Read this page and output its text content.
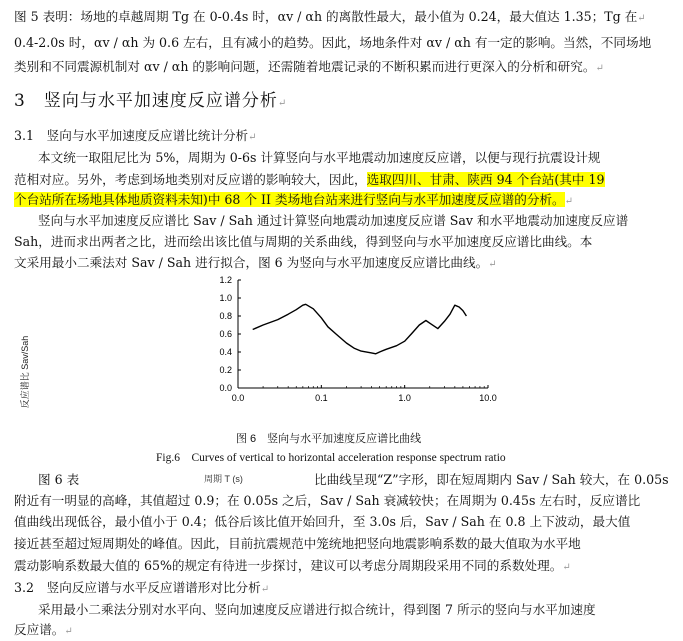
图 5 表明：场地的卓越周期 Tg 在 0-0.4s 时，αv / αh 的离散性最大，最小值为 0.24，最大值达 1.35；Tg 在↵
0.4-2.0s 时，αv / αh 为 0.6 左右，且有减小的趋势。因此，场地条件对 αv / αh 有一定的影响。当然，不同场地
类别和不同震源机制对 αv / αh 的影响问题，还需随着地震记录的不断积累而进行更深入的分析和研究。↵
3　 竖向与水平加速度反应谱分析↵
3.1　 竖向与水平加速度反应谱比统计分析↵
本文统一取阻尼比为 5%，周期为 0-6s 计算竖向与水平地震动加速度反应谱，以便与现行抗震设计规
范相对应。另外，考虑到场地类别对反应谱的影响较大，因此，选取四川、甘肃、陕西 94 个台站(其中 19
个台站所在场地具体地质资料未知)中 68 个 II 类场地台站来进行竖向与水平加速度反应谱的分析。↵
竖向与水平加速度反应谱比 Sav / Sah 通过计算竖向地震动加速度反应谱 Sav 和水平地震动加速度反应谱
Sah，进而求出两者之比，进而绘出该比值与周期的关系曲线，得到竖向与水平加速度反应谱比曲线。本
文采用最小二乘法对 Sav / Sah 进行拟合，图 6 为竖向与水平加速度反应谱比曲线。↵
反应谱比 Sav/Sah	0.0
0.2
0.4
0.6
0.8
1.0
1.2
0.0	0.1	1.0	10.0
图 6　竖向与水平加速度反应谱比曲线
Fig.6　Curves of vertical to horizontal acceleration response spectrum ratio
图 6 表	周期 T (s)	比曲线呈现“Z”字形，即在短周期内 Sav / Sah 较大，在 0.05s
附近有一明显的高峰，其值超过 0.9；在 0.05s 之后，Sav / Sah 衰减较快；在周期为 0.45s 左右时，反应谱比
值曲线出现低谷，最小值小于 0.4；低谷后该比值开始回升，至 3.0s 后，Sav / Sah 在 0.8 上下波动，最大值
接近甚至超过短周期处的峰值。因此，目前抗震规范中笼统地把竖向地震影响系数的最大值取为水平地
震动影响系数最大值的 65%的规定有待进一步探讨，建议可以考虑分周期段采用不同的系数处理。↵
3.2　 竖向反应谱与水平反应谱谱形对比分析↵
采用最小二乘法分别对水平向、竖向加速度反应谱进行拟合统计，得到图 7 所示的竖向与水平加速度
反应谱。↵
